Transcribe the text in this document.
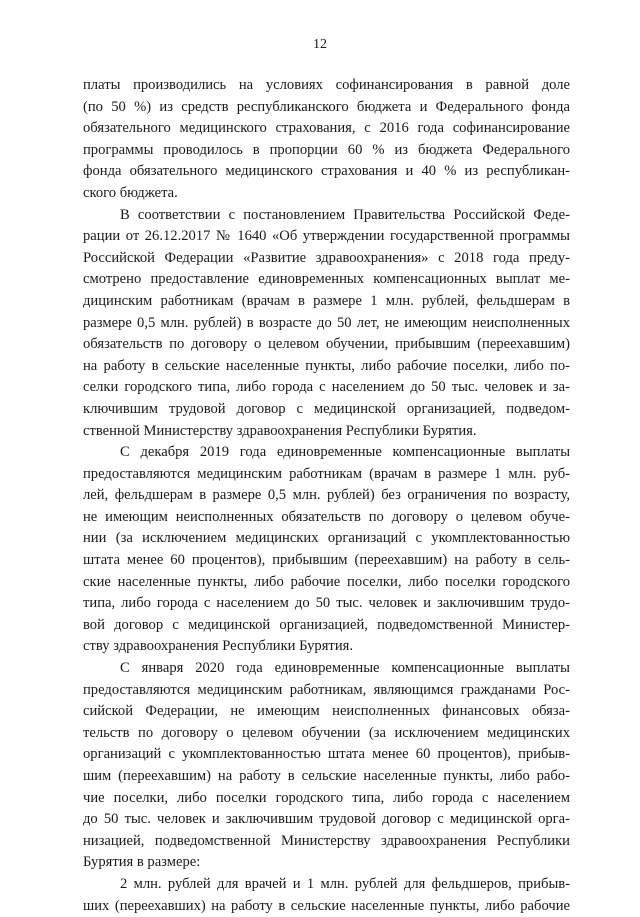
12
платы производились на условиях софинансирования в равной доле
(по 50 %) из средств республиканского бюджета и Федерального фонда
обязательного медицинского страхования, с 2016 года софинансирование
программы проводилось в пропорции 60 % из бюджета Федерального
фонда обязательного медицинского страхования и 40 % из республикан-
ского бюджета.
В соответствии с постановлением Правительства Российской Феде-
рации от 26.12.2017 № 1640 «Об утверждении государственной программы
Российской Федерации «Развитие здравоохранения» с 2018 года преду-
смотрено предоставление единовременных компенсационных выплат ме-
дицинским работникам (врачам в размере 1 млн. рублей, фельдшерам в
размере 0,5 млн. рублей) в возрасте до 50 лет, не имеющим неисполненных
обязательств по договору о целевом обучении, прибывшим (переехавшим)
на работу в сельские населенные пункты, либо рабочие поселки, либо по-
селки городского типа, либо города с населением до 50 тыс. человек и за-
ключившим трудовой договор с медицинской организацией, подведом-
ственной Министерству здравоохранения Республики Бурятия.
С декабря 2019 года единовременные компенсационные выплаты
предоставляются медицинским работникам (врачам в размере 1 млн. руб-
лей, фельдшерам в размере 0,5 млн. рублей) без ограничения по возрасту,
не имеющим неисполненных обязательств по договору о целевом обуче-
нии (за исключением медицинских организаций с укомплектованностью
штата менее 60 процентов), прибывшим (переехавшим) на работу в сель-
ские населенные пункты, либо рабочие поселки, либо поселки городского
типа, либо города с населением до 50 тыс. человек и заключившим трудо-
вой договор с медицинской организацией, подведомственной Министер-
ству здравоохранения Республики Бурятия.
С января 2020 года единовременные компенсационные выплаты
предоставляются медицинским работникам, являющимся гражданами Рос-
сийской Федерации, не имеющим неисполненных финансовых обяза-
тельств по договору о целевом обучении (за исключением медицинских
организаций с укомплектованностью штата менее 60 процентов), прибыв-
шим (переехавшим) на работу в сельские населенные пункты, либо рабо-
чие поселки, либо поселки городского типа, либо города с населением
до 50 тыс. человек и заключившим трудовой договор с медицинской орга-
низацией, подведомственной Министерству здравоохранения Республики
Бурятия в размере:
2 млн. рублей для врачей и 1 млн. рублей для фельдшеров, прибыв-
ших (переехавших) на работу в сельские населенные пункты, либо рабочие
